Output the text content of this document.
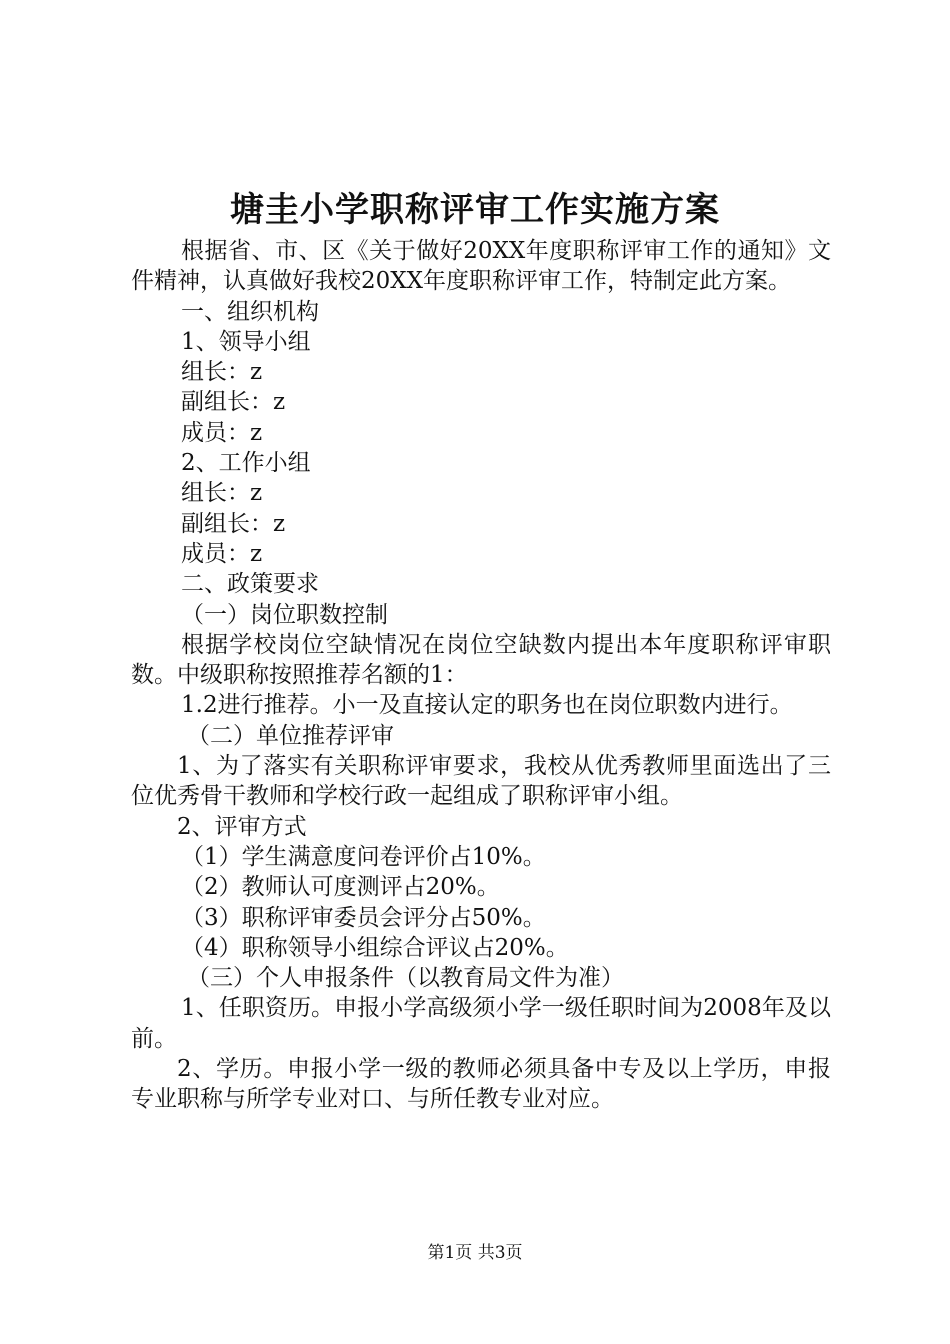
塘圭小学职称评审工作实施方案

根据省、市、区《关于做好20XX年度职称评审工作的通知》文件精神，认真做好我校20XX年度职称评审工作，特制定此方案。

一、组织机构

1、领导小组

组长：z

副组长：z

成员：z

2、工作小组

组长：z

副组长：z

成员：z

二、政策要求

（一）岗位职数控制

根据学校岗位空缺情况在岗位空缺数内提出本年度职称评审职数。中级职称按照推荐名额的1：

1.2进行推荐。小一及直接认定的职务也在岗位职数内进行。

（二）单位推荐评审

1、为了落实有关职称评审要求，我校从优秀教师里面选出了三位优秀骨干教师和学校行政一起组成了职称评审小组。

2、评审方式

（1）学生满意度问卷评价占10%。

（2）教师认可度测评占20%。

（3）职称评审委员会评分占50%。

（4）职称领导小组综合评议占20%。

（三）个人申报条件（以教育局文件为准）

1、任职资历。申报小学高级须小学一级任职时间为2008年及以前。

2、学历。申报小学一级的教师必须具备中专及以上学历，申报专业职称与所学专业对口、与所任教专业对应。

第1页 共3页
